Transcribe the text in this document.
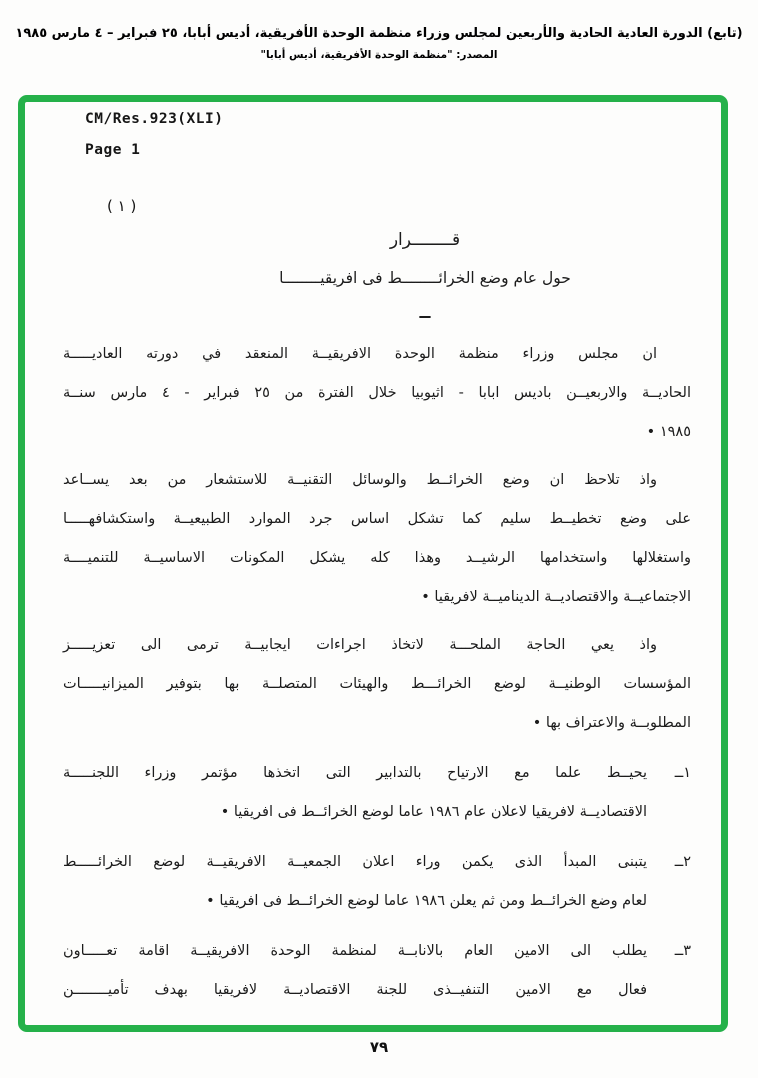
(تابع) الدورة العادية الحادية والأربعين لمجلس وزراء منظمة الوحدة الأفريقية، أديس أبابا، ٢٥ فبراير – ٤ مارس ١٩٨٥
المصدر: "منظمة الوحدة الأفريقية، أديس أبابا"
CM/Res.923(XLI)
Page 1
( ١ )
قــــــــرار
حول عام وضع الخرائــــــــط فى افريقيــــــــا
ــ
ان مجلس وزراء منظمة الوحدة الافريقيــة المنعقد في دورته العاديـــــة
الحاديــة والاربعيــن باديس ابابا - اثيوبيا خلال الفترة من ٢٥ فبراير - ٤ مارس سنــة
١٩٨٥ •
واذ تلاحظ ان وضع الخرائــط والوسائل التقنيــة للاستشعار من بعد يســاعد
على وضع تخطيــط سليم كما تشكل اساس جرد الموارد الطبيعيــة واستكشافهـــــا
واستغلالها واستخدامها الرشيــد وهذا كله يشكل المكونات الاساسيــة للتنميــــة
الاجتماعيــة والاقتصاديــة الديناميــة لافريقيا •
واذ يعي الحاجة الملحـــة لاتخاذ اجراءات ايجابيــة ترمى الى تعزيـــــز
المؤسسات الوطنيــة لوضع الخرائـــط والهيئات المتصلــة بها بتوفير الميزانيـــــات
المطلوبــة والاعتراف بها •
١ــ
يحيــط علما مع الارتياح بالتدابير التى اتخذها مؤتمر وزراء اللجنـــــة
الاقتصاديــة لافريقيا لاعلان عام ١٩٨٦ عاما لوضع الخرائــط فى افريقيا •
٢ــ
يتبنى المبدأ الذى يكمن وراء اعلان الجمعيــة الافريقيــة لوضع الخرائـــــط
لعام وضع الخرائــط ومن ثم يعلن ١٩٨٦ عاما لوضع الخرائــط فى افريقيا •
٣ــ
يطلب الى الامين العام بالانابــة لمنظمة الوحدة الافريقيــة اقامة تعـــــاون
فعال مع الامين التنفيــذى للجنة الاقتصاديــة لافريقيا بهدف تأميــــــــن
٧٩
